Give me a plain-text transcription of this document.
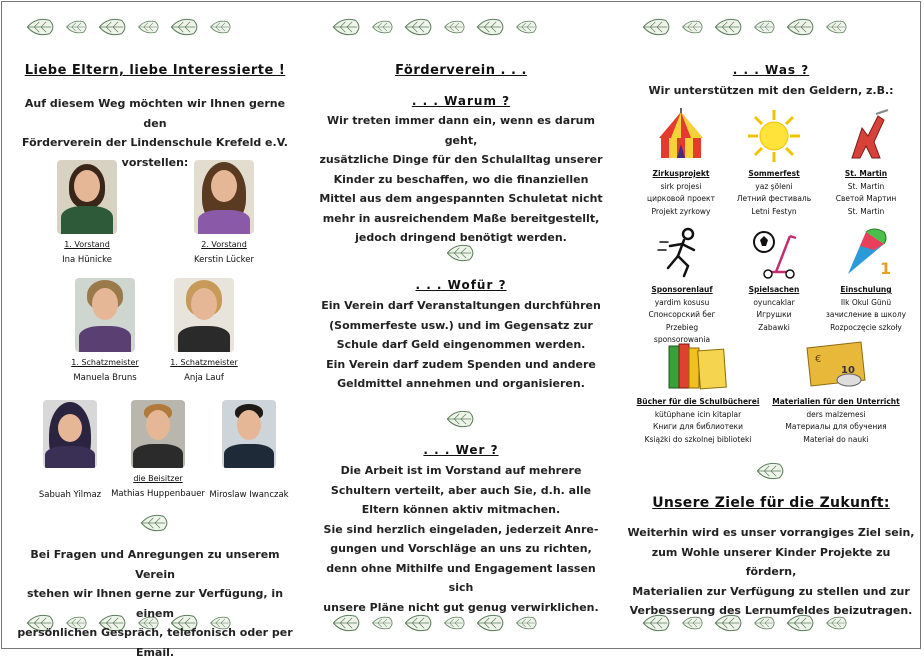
Liebe Eltern, liebe Interessierte !
Auf diesem Weg möchten wir Ihnen gerne den
Förderverein der Lindenschule Krefeld e.V.
vorstellen:
1. Vorstand
Ina Hünicke
2. Vorstand
Kerstin Lücker
1. Schatzmeister
Manuela Bruns
1. Schatzmeister
Anja Lauf
Sabuah Yilmaz
die Beisitzer
Mathias Huppenbauer Miroslaw Iwanczak
Bei Fragen und Anregungen zu unserem Verein
stehen wir Ihnen gerne zur Verfügung, in einem
persönlichen Gespräch, telefonisch oder per Email.
Förderverein . . .
. . . Warum ?
Wir treten immer dann ein, wenn es darum geht,
zusätzliche Dinge für den Schulalltag unserer
Kinder zu beschaffen, wo die finanziellen
Mittel aus dem angespannten Schuletat nicht
mehr in ausreichendem Maße bereitgestellt,
jedoch dringend benötigt werden.
. . . Wofür ?
Ein Verein darf Veranstaltungen durchführen
(Sommerfeste usw.) und im Gegensatz zur
Schule darf Geld eingenommen werden.
Ein Verein darf zudem Spenden und andere
Geldmittel annehmen und organisieren.
. . . Wer ?
Die Arbeit ist im Vorstand auf mehrere
Schultern verteilt, aber auch Sie, d.h. alle
Eltern können aktiv mitmachen.
Sie sind herzlich eingeladen, jederzeit Anre-
gungen und Vorschläge an uns zu richten,
denn ohne Mithilfe und Engagement lassen sich
unsere Pläne nicht gut genug verwirklichen.
. . . Was ?
Wir unterstützen mit den Geldern, z.B.:
Zirkusprojekt
sirk projesi
цирковой проект
Projekt zyrkowy
Sommerfest
yaz şöleni
Летний фестиваль
Letni Festyn
St. Martin
St. Martin
Светой Мартин
St. Martin
Sponsorenlauf
yardim kosusu
Спонсорский бег
Przebieg sponsorowania
Spielsachen
oyuncaklar
Игрушки
Zabawki
1
Einschulung
Ilk Okul Günü
зачисление в школу
Rozpoczęcie szkoły
Bücher für die Schulbücherei
kütüphane icin kitaplar
Книги для библиотеки
Książki do szkolnej biblioteki
€
10
Materialien für den Unterricht
ders malzemesi
Материалы для обучения
Materiał do nauki
Unsere Ziele für die Zukunft:
Weiterhin wird es unser vorrangiges Ziel sein,
zum Wohle unserer Kinder Projekte zu fördern,
Materialien zur Verfügung zu stellen und zur
Verbesserung des Lernumfeldes beizutragen.
